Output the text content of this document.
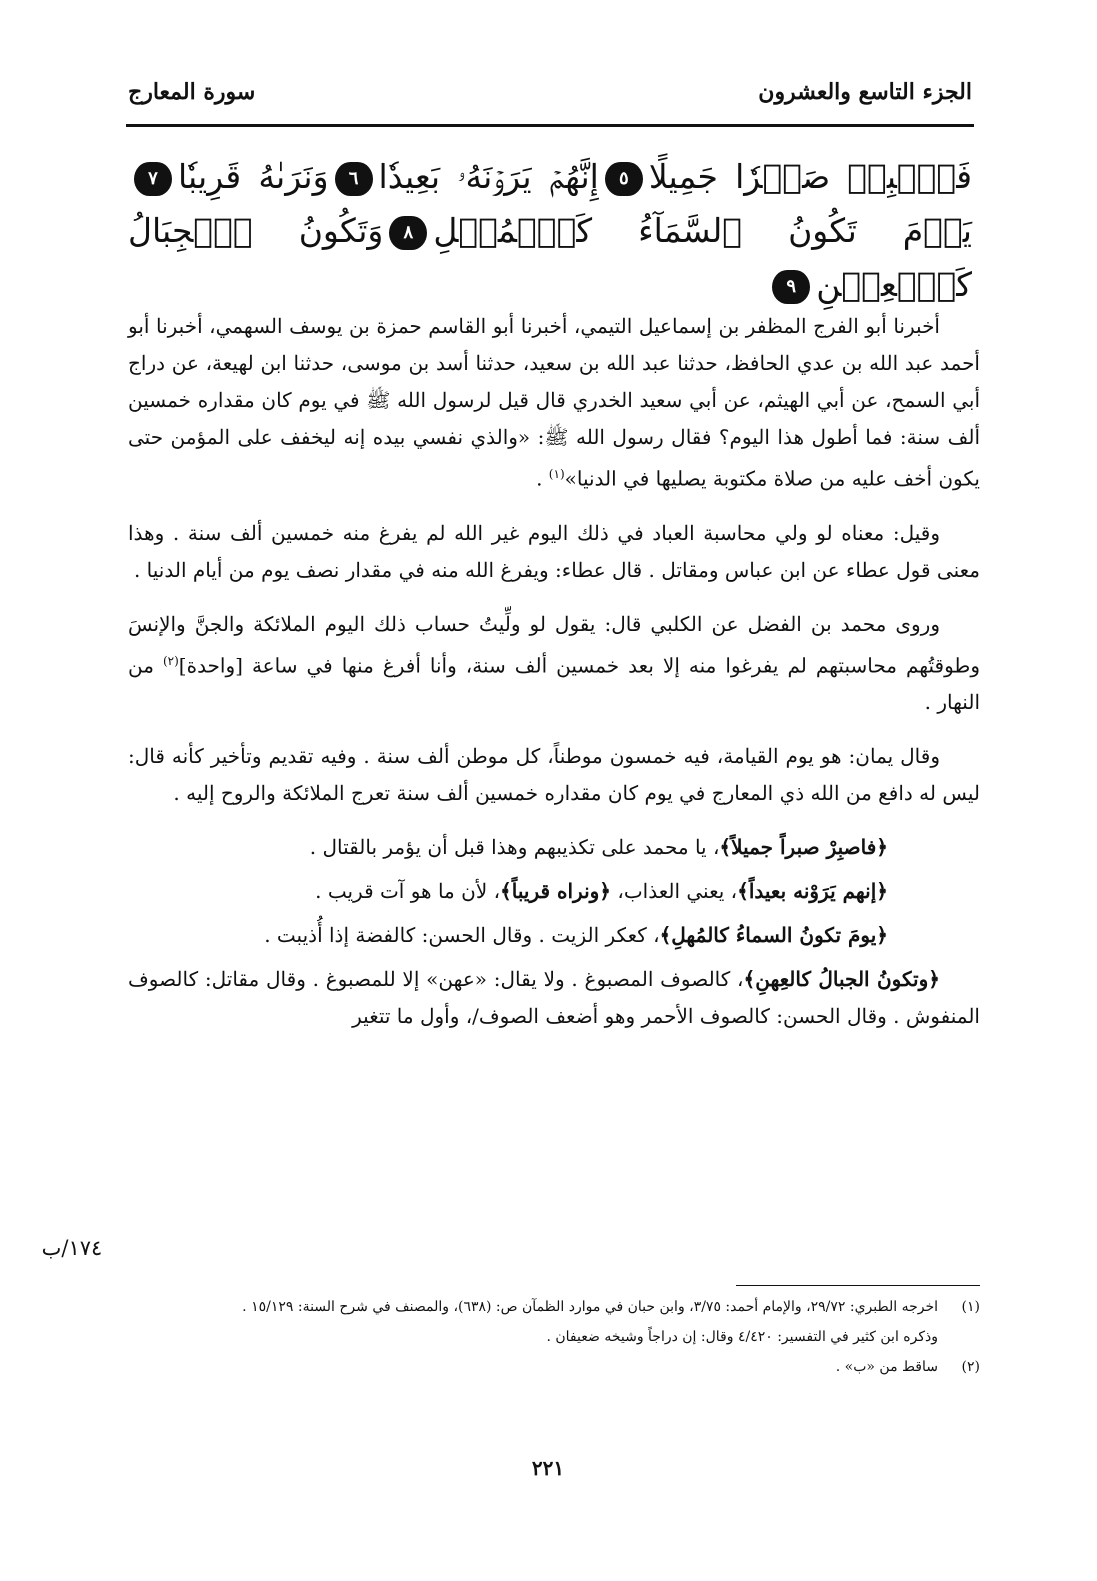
الجزء التاسع والعشرون
سورة المعارج
فَٱصۡبِرۡ صَبۡرٗا جَمِيلًا٥إِنَّهُمۡ يَرَوۡنَهُۥ بَعِيدٗا٦وَنَرَىٰهُ قَرِيبٗا٧يَوۡمَ تَكُونُ ٱلسَّمَآءُ كَٱلۡمُهۡلِ٨وَتَكُونُ ٱلۡجِبَالُ كَٱلۡعِهۡنِ٩

أخبرنا أبو الفرج المظفر بن إسماعيل التيمي، أخبرنا أبو القاسم حمزة بن يوسف السهمي، أخبرنا أبو أحمد عبد الله بن عدي الحافظ، حدثنا عبد الله بن سعيد، حدثنا أسد بن موسى، حدثنا ابن لهيعة، عن دراج أبي السمح، عن أبي الهيثم، عن أبي سعيد الخدري قال قيل لرسول الله ﷺ في يوم كان مقداره خمسين ألف سنة: فما أطول هذا اليوم؟ فقال رسول الله ﷺ: «والذي نفسي بيده إنه ليخفف على المؤمن حتى يكون أخف عليه من صلاة مكتوبة يصليها في الدنيا»$^{(١)}$ .

وقيل: معناه لو ولي محاسبة العباد في ذلك اليوم غير الله لم يفرغ منه خمسين ألف سنة . وهذا معنى قول عطاء عن ابن عباس ومقاتل . قال عطاء: ويفرغ الله منه في مقدار نصف يوم من أيام الدنيا .

وروى محمد بن الفضل عن الكلبي قال: يقول لو ولِّيتُ حساب ذلك اليوم الملائكة والجنَّ والإنسَ وطوقتُهم محاسبتهم لم يفرغوا منه إلا بعد خمسين ألف سنة، وأنا أفرغ منها في ساعة [واحدة]$^{(٢)}$ من النهار .

وقال يمان: هو يوم القيامة، فيه خمسون موطناً، كل موطن ألف سنة . وفيه تقديم وتأخير كأنه قال: ليس له دافع من الله ذي المعارج في يوم كان مقداره خمسين ألف سنة تعرج الملائكة والروح إليه .

﴿فاصبِرْ صبراً جميلاً﴾، يا محمد على تكذيبهم وهذا قبل أن يؤمر بالقتال .

﴿إنهم يَرَوْنه بعيداً﴾، يعني العذاب، ﴿ونراه قريباً﴾، لأن ما هو آت قريب .

﴿يومَ تكونُ السماءُ كالمُهلِ﴾، كعكر الزيت . وقال الحسن: كالفضة إذا أُذيبت .

﴿وتكونُ الجبالُ كالعِهنِ﴾، كالصوف المصبوغ . ولا يقال: «عهن» إلا للمصبوغ . وقال مقاتل: كالصوف المنفوش . وقال الحسن: كالصوف الأحمر وهو أضعف الصوف/، وأول ما تتغير

١٧٤/ب
(١)
اخرجه الطبري: ٢٩/٧٢، والإمام أحمد: ٣/٧٥، وابن حبان في موارد الظمآن ص: (٦٣٨)، والمصنف في شرح السنة: ١٥/١٢٩ .
وذكره ابن كثير في التفسير: ٤/٤٢٠ وقال: إن دراجاً وشيخه ضعيفان .
(٢)
ساقط من «ب» .
٢٢١
